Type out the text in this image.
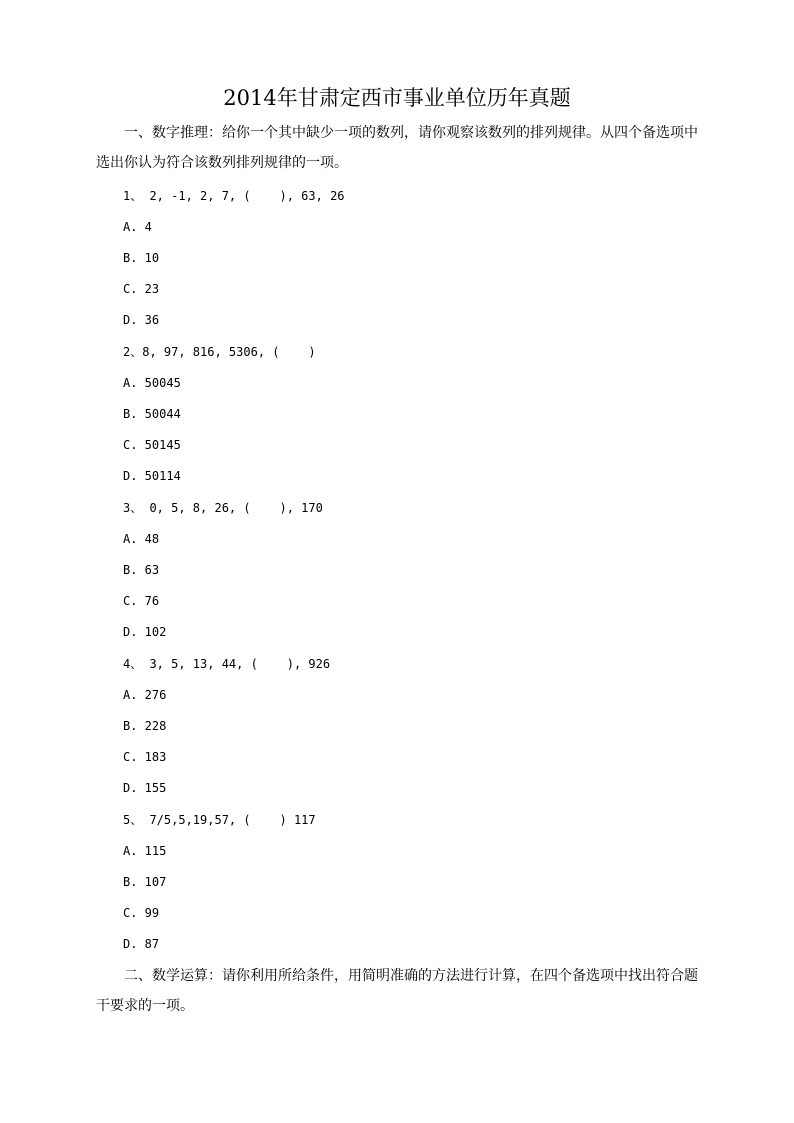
2014年甘肃定西市事业单位历年真题

一、数字推理：给你一个其中缺少一项的数列，请你观察该数列的排列规律。从四个备选项中选出你认为符合该数列排列规律的一项。

1、 2, -1, 2, 7, (    ), 63, 26

A. 4

B. 10

C. 23

D. 36

2、8, 97, 816, 5306, (    )

A. 50045

B. 50044

C. 50145

D. 50114

3、 0, 5, 8, 26, (    ), 170

A. 48

B. 63

C. 76

D. 102

4、 3, 5, 13, 44, (    ), 926

A. 276

B. 228

C. 183

D. 155

5、 7/5,5,19,57, (    ) 117

A. 115

B. 107

C. 99

D. 87

二、数学运算：请你利用所给条件，用简明准确的方法进行计算，在四个备选项中找出符合题干要求的一项。
